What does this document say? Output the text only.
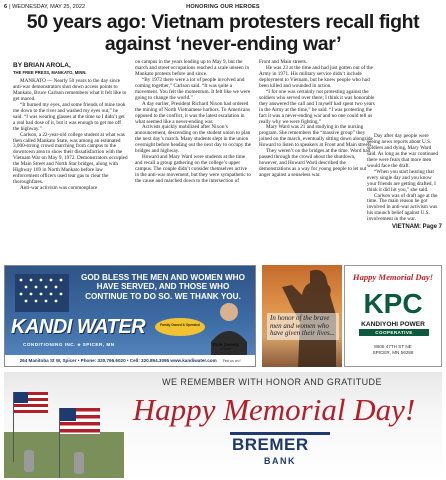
6 | WEDNESDAY, MAY 25, 2022	HONORING OUR HEROES
50 years ago: Vietnam protesters recall fight against ‘never-ending war’
BY BRIAN AROLA,
THE FREE PRESS, MANKATO, MINN.

MANKATO — Nearly 50 years to the day since anti-war demonstrators shut down access points to Mankato, Bruce Carlson remembers what it felt like to get maced.

“It burned my eyes, and some friends of mine took me down to the river and washed my eyes out,” he said. “I was wearing glasses at the time so I didn’t get a real bad dose of it, but it was enough to get me off the highway.”

Carlson, a 22-year-old college student at what was then called Mankato State, was among an estimated 3,000-strong crowd marching from campus to the downtown area to show their dissatisfaction with the Vietnam War on May 9, 1972. Demonstrators occupied the Main Street and North Star bridges, along with Highway 169 in North Mankato before law enforcement officers used tear gas to clear the thoroughfares.

Anti-war activism was commonplace

on campus in the years leading up to May 9, but the march and street occupations reached a scale unseen in Mankato protests before and since.

“By 1972 there were a lot of people involved and coming together,” Carlson said. “It was quite a movement. You felt the momentum. It felt like we were going to change the world.”

A day earlier, President Richard Nixon had ordered the mining of North Vietnamese harbors. To Americans opposed to the conflict, it was the latest escalation in what seemed like a never-ending war.

Activists quickly mobilized after Nixon’s announcement, descending on the student union to plan the next day’s march. Many students slept in the union overnight before heading out the next day to occupy the bridges and highway.

Howard and Mary Ward were students at the time and recall a group gathering on the college’s upper campus. The couple didn’t consider themselves active in the anti-war movement, but they were sympathetic to the cause and marched down to the intersection of

Front and Main streets.

He was 23 at the time and had just gotten out of the Army in 1971. His military service didn’t include deployment to Vietnam, but he knew people who had been killed and wounded in action.

“I for one was certainly not protesting against the soldiers who served over there; I think it was honorable they answered the call and I myself had spent two years in the Army at the time,” he said. “I was protesting the fact it was a never-ending war and no one could tell us really why we were fighting.”

Mary Ward was 21 and studying in the nursing program. She remembers the “massive group” they joined on the march, eventually sitting down alongside Howard to listen to speakers at Front and Main streets.

They weren’t on the bridges at the time. Word had passed through the crowd about the shutdown, however, and Howard Ward described the demonstrations as a way for young people to let out anger against a senseless war.

Day after day people were seeing news reports about U.S. soldiers and dying, Mary Ward said. As long as the war continued there were fears that more men would face the draft.

“When you start hearing that every single day and you know your friends are getting drafted, I think it did hit you,” she said.

Carlson was of draft age at the time. The main reason he got involved in anti-war activism was his staunch belief against U.S. involvement in the war.

VIETNAM: Page 7

GOD BLESS THE MEN AND WOMEN WHO HAVE SERVED, AND THOSE WHO CONTINUE TO DO SO. WE THANK YOU.
KANDI WATER
CONDITIONING INC. ⚹ SPICER, MN
Family Owned & Operated
Dale Sweep,
Owner
264 Manitoba St W, Spicer • Phone: 320.796.6020 • Cell: 320.894.3095 www.kandiwater.com Find us on f
In honor of the brave men and women who have given their lives...
Happy Memorial Day!
KPC
KANDIYOHI POWER
COOPERATIVE
8605 47TH ST NE
SPICER, MN 56288
WE REMEMBER WITH HONOR AND GRATITUDE
Happy Memorial Day!
BREMER
BANK
